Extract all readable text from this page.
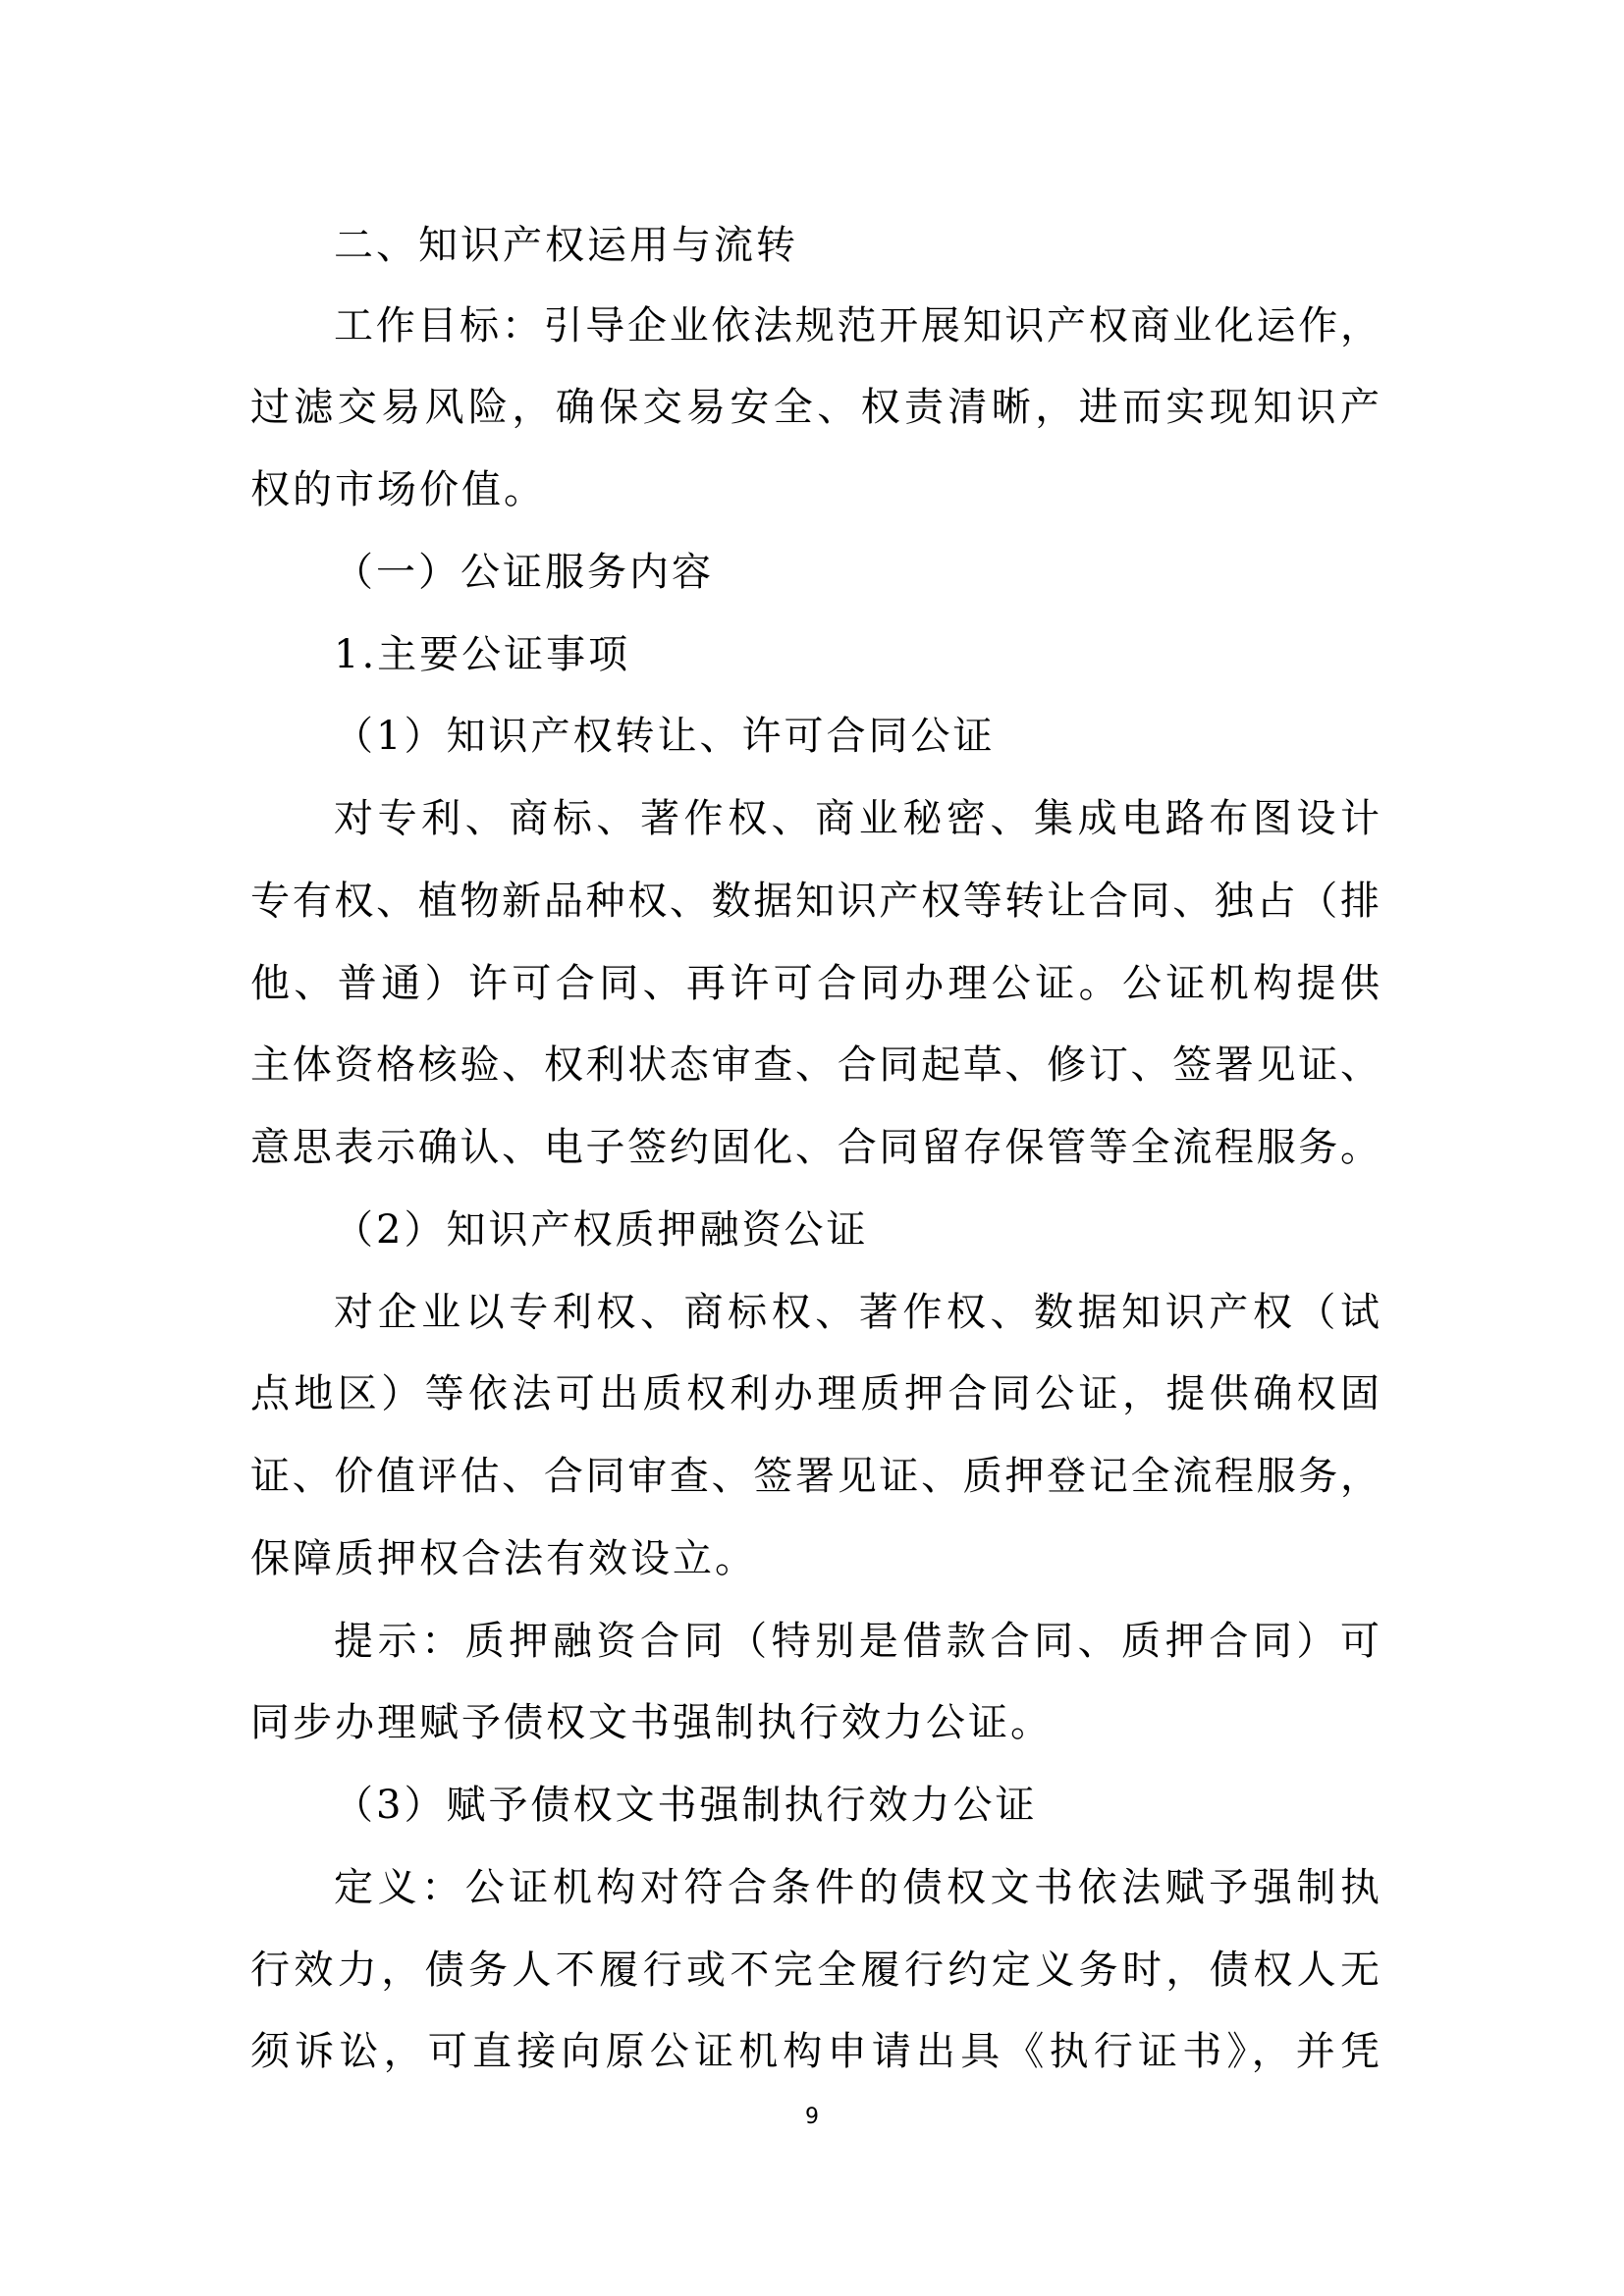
二、知识产权运用与流转
工作目标：引导企业依法规范开展知识产权商业化运作，
过滤交易风险，确保交易安全、权责清晰，进而实现知识产
权的市场价值。
（一）公证服务内容
1.主要公证事项
（1）知识产权转让、许可合同公证
对专利、商标、著作权、商业秘密、集成电路布图设计
专有权、植物新品种权、数据知识产权等转让合同、独占（排
他、普通）许可合同、再许可合同办理公证。公证机构提供
主体资格核验、权利状态审查、合同起草、修订、签署见证、
意思表示确认、电子签约固化、合同留存保管等全流程服务。
（2）知识产权质押融资公证
对企业以专利权、商标权、著作权、数据知识产权（试
点地区）等依法可出质权利办理质押合同公证，提供确权固
证、价值评估、合同审查、签署见证、质押登记全流程服务，
保障质押权合法有效设立。
提示：质押融资合同（特别是借款合同、质押合同）可
同步办理赋予债权文书强制执行效力公证。
（3）赋予债权文书强制执行效力公证
定义：公证机构对符合条件的债权文书依法赋予强制执
行效力，债务人不履行或不完全履行约定义务时，债权人无
须诉讼，可直接向原公证机构申请出具《执行证书》，并凭
9
